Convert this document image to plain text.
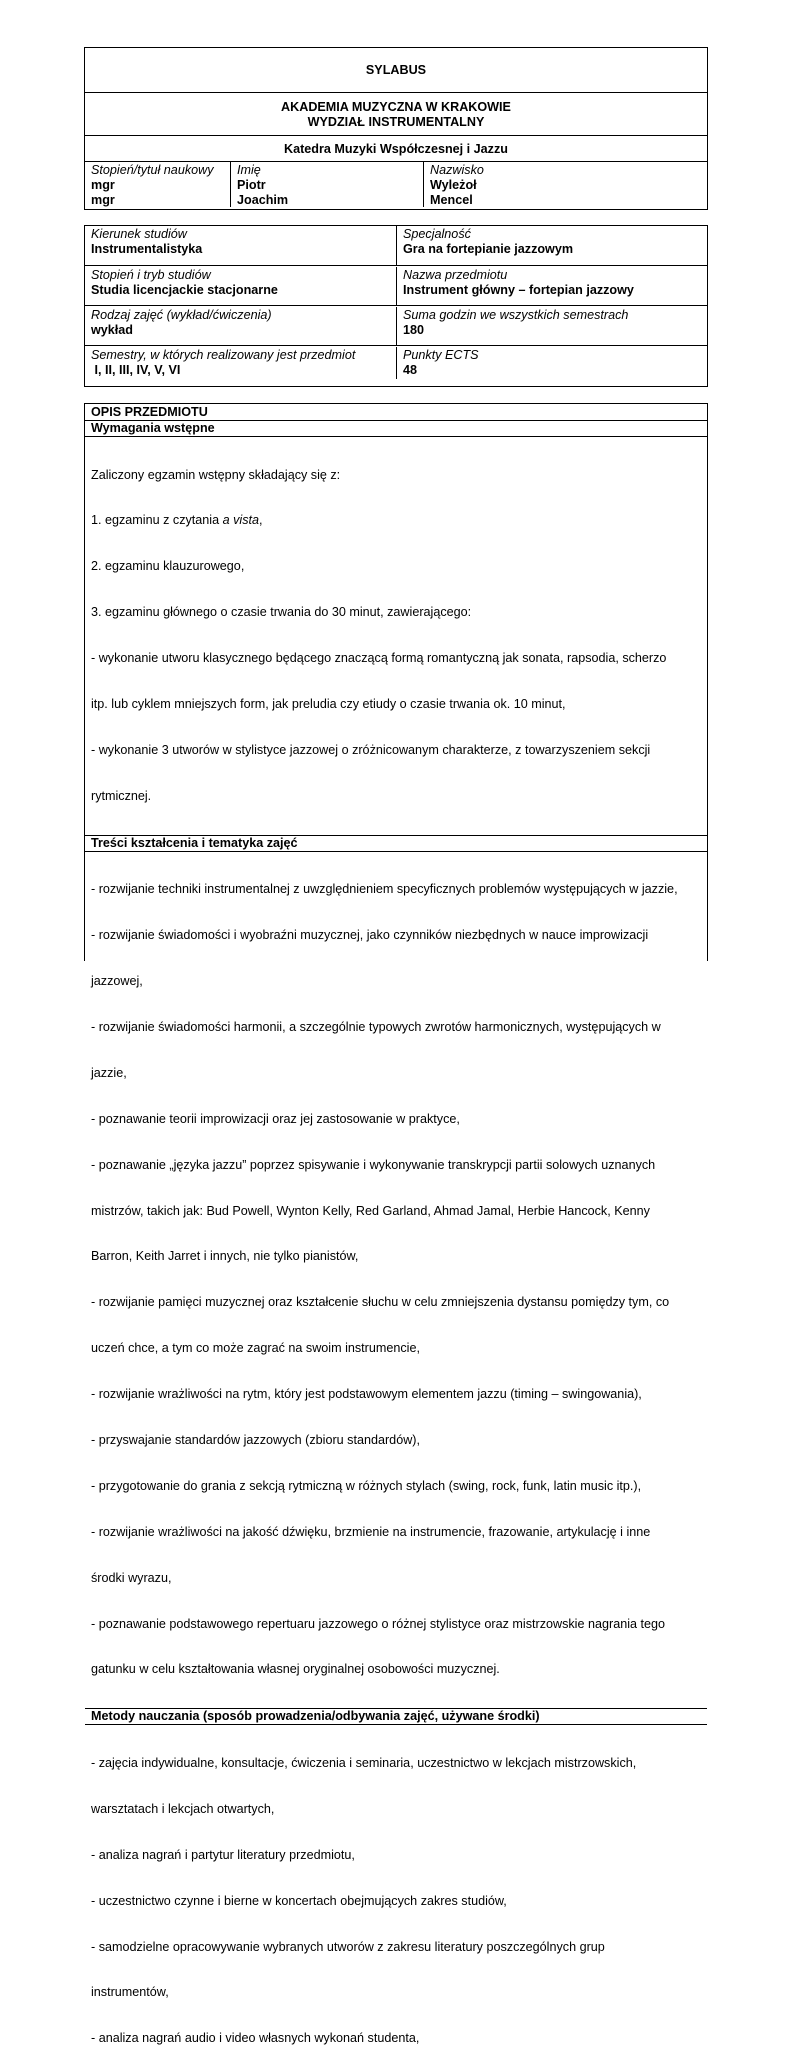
SYLABUS
AKADEMIA MUZYCZNA W KRAKOWIE
WYDZIAŁ INSTRUMENTALNY
Katedra Muzyki Współczesnej i Jazzu
Stopień/tytuł naukowy
mgr
mgr
Imię
Piotr
Joachim
Nazwisko
Wyleżoł
Mencel
Kierunek studiów
Instrumentalistyka
Specjalność
Gra na fortepianie jazzowym
Stopień i tryb studiów
Studia licencjackie stacjonarne
Nazwa przedmiotu
Instrument główny – fortepian jazzowy
Rodzaj zajęć (wykład/ćwiczenia)
wykład
Suma godzin we wszystkich semestrach
180
Semestry, w których realizowany jest przedmiot
I, II, III, IV, V, VI
Punkty ECTS
48
OPIS PRZEDMIOTU
Wymagania wstępne

Zaliczony egzamin wstępny składający się z:

1. egzaminu z czytania a vista,

2. egzaminu klauzurowego,

3. egzaminu głównego o czasie trwania do 30 minut, zawierającego:

- wykonanie utworu klasycznego będącego znaczącą formą romantyczną jak sonata, rapsodia, scherzo

itp. lub cyklem mniejszych form, jak preludia czy etiudy o czasie trwania ok. 10 minut,

- wykonanie 3 utworów w stylistyce jazzowej o zróżnicowanym charakterze, z towarzyszeniem sekcji

rytmicznej.

Treści kształcenia i tematyka zajęć

- rozwijanie techniki instrumentalnej z uwzględnieniem specyficznych problemów występujących w jazzie,

- rozwijanie świadomości i wyobraźni muzycznej, jako czynników niezbędnych w nauce improwizacji

jazzowej,

- rozwijanie świadomości harmonii, a szczególnie typowych zwrotów harmonicznych, występujących w

jazzie,

- poznawanie teorii improwizacji oraz jej zastosowanie w praktyce,

- poznawanie „języka jazzu” poprzez spisywanie i wykonywanie transkrypcji partii solowych uznanych

mistrzów, takich jak: Bud Powell, Wynton Kelly, Red Garland, Ahmad Jamal, Herbie Hancock, Kenny

Barron, Keith Jarret i innych, nie tylko pianistów,

- rozwijanie pamięci muzycznej oraz kształcenie słuchu w celu zmniejszenia dystansu pomiędzy tym, co

uczeń chce, a tym co może zagrać na swoim instrumencie,

- rozwijanie wrażliwości na rytm, który jest podstawowym elementem jazzu (timing – swingowania),

- przyswajanie standardów jazzowych (zbioru standardów),

- przygotowanie do grania z sekcją rytmiczną w różnych stylach (swing, rock, funk, latin music itp.),

- rozwijanie wrażliwości na jakość dźwięku, brzmienie na instrumencie, frazowanie, artykulację i inne

środki wyrazu,

- poznawanie podstawowego repertuaru jazzowego o różnej stylistyce oraz mistrzowskie nagrania tego

gatunku w celu kształtowania własnej oryginalnej osobowości muzycznej.

Metody nauczania (sposób prowadzenia/odbywania zajęć, używane środki)

- zajęcia indywidualne, konsultacje, ćwiczenia i seminaria, uczestnictwo w lekcjach mistrzowskich,

warsztatach i lekcjach otwartych,

- analiza nagrań i partytur literatury przedmiotu,

- uczestnictwo czynne i bierne w koncertach obejmujących zakres studiów,

- samodzielne opracowywanie wybranych utworów z zakresu literatury poszczególnych grup

instrumentów,

- analiza nagrań audio i video własnych wykonań studenta,
